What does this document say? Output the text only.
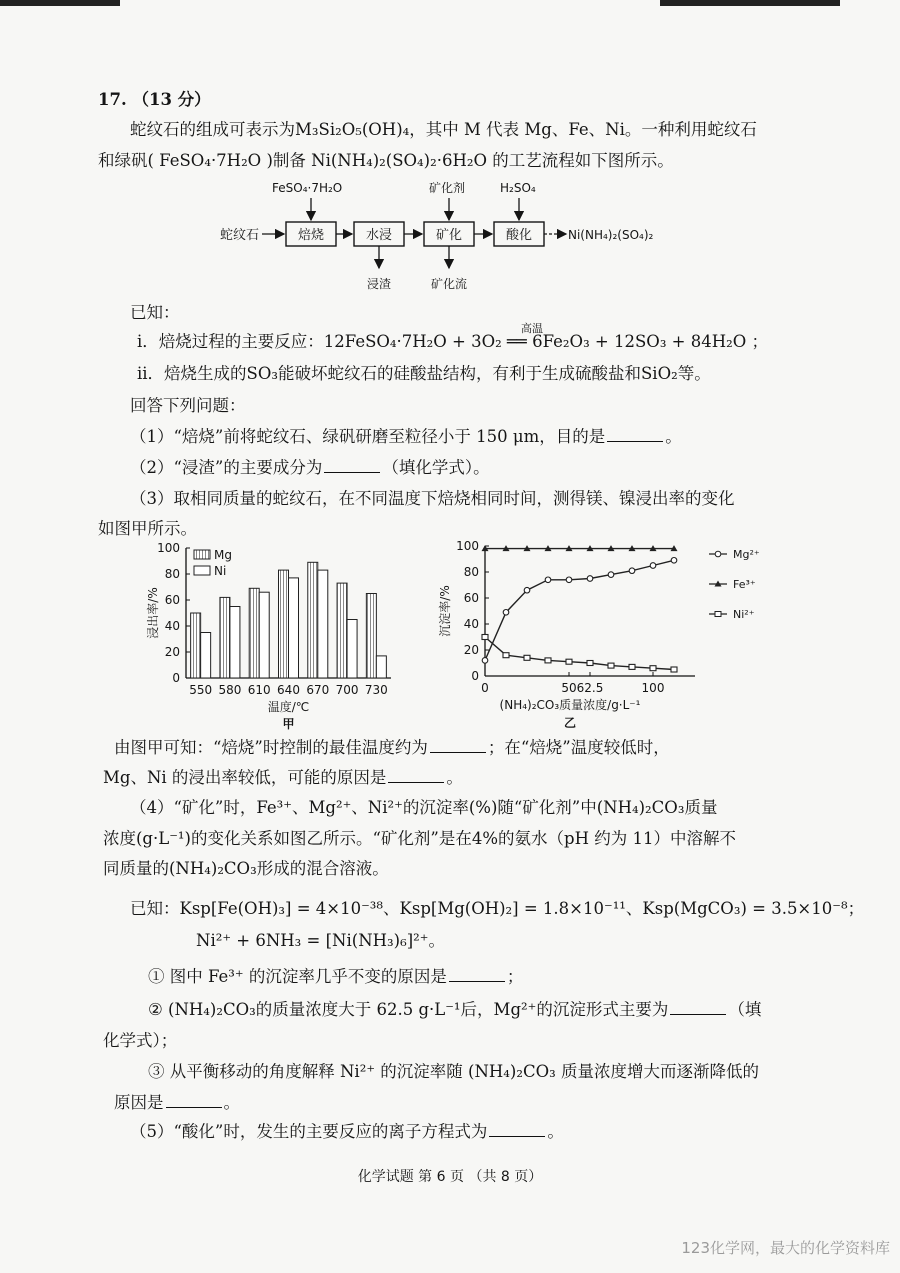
17. （13 分）
蛇纹石的组成可表示为M₃Si₂O₅(OH)₄，其中 M 代表 Mg、Fe、Ni。一种利用蛇纹石
和绿矾( FeSO₄·7H₂O )制备 Ni(NH₄)₂(SO₄)₂·6H₂O 的工艺流程如下图所示。
蛇纹石	焙烧	水浸	矿化	酸化	Ni(NH₄)₂(SO₄)₂
FeSO₄·7H₂O	矿化剂	H₂SO₄
浸渣	矿化流
已知：
i．焙烧过程的主要反应：12FeSO₄·7H₂O + 3O₂ ══ 6Fe₂O₃ + 12SO₃ + 84H₂O ；
高温
ii．焙烧生成的SO₃能破坏蛇纹石的硅酸盐结构，有利于生成硫酸盐和SiO₂等。
回答下列问题：
（1）“焙烧”前将蛇纹石、绿矾研磨至粒径小于 150 μm，目的是	。
（2）“浸渣”的主要成分为	（填化学式）。
（3）取相同质量的蛇纹石，在不同温度下焙烧相同时间，测得镁、镍浸出率的变化
如图甲所示。
0
20
40
60
80
100
550 580 610 640 670 700 730
Mg
Ni
温度/℃
甲
浸出率/%
0
20
40
60
80
100
0	50 62.5	100
Mg²⁺
Fe³⁺
Ni²⁺
(NH₄)₂CO₃质量浓度/g·L⁻¹
乙
沉淀率/%
由图甲可知：“焙烧”时控制的最佳温度约为	；在“焙烧”温度较低时，
Mg、Ni 的浸出率较低，可能的原因是	。
（4）“矿化”时，Fe³⁺、Mg²⁺、Ni²⁺的沉淀率(%)随“矿化剂”中(NH₄)₂CO₃质量
浓度(g·L⁻¹)的变化关系如图乙所示。“矿化剂”是在4%的氨水（pH 约为 11）中溶解不
同质量的(NH₄)₂CO₃形成的混合溶液。
已知：Ksp[Fe(OH)₃] = 4×10⁻³⁸、Ksp[Mg(OH)₂] = 1.8×10⁻¹¹、Ksp(MgCO₃) = 3.5×10⁻⁸；
Ni²⁺ + 6NH₃ = [Ni(NH₃)₆]²⁺。
① 图中 Fe³⁺ 的沉淀率几乎不变的原因是	；
② (NH₄)₂CO₃的质量浓度大于 62.5 g·L⁻¹后，Mg²⁺的沉淀形式主要为	（填
化学式）；
③ 从平衡移动的角度解释 Ni²⁺ 的沉淀率随 (NH₄)₂CO₃ 质量浓度增大而逐渐降低的
原因是	。
（5）“酸化”时，发生的主要反应的离子方程式为	。
化学试题 第 6 页 （共 8 页）
123化学网，最大的化学资料库
